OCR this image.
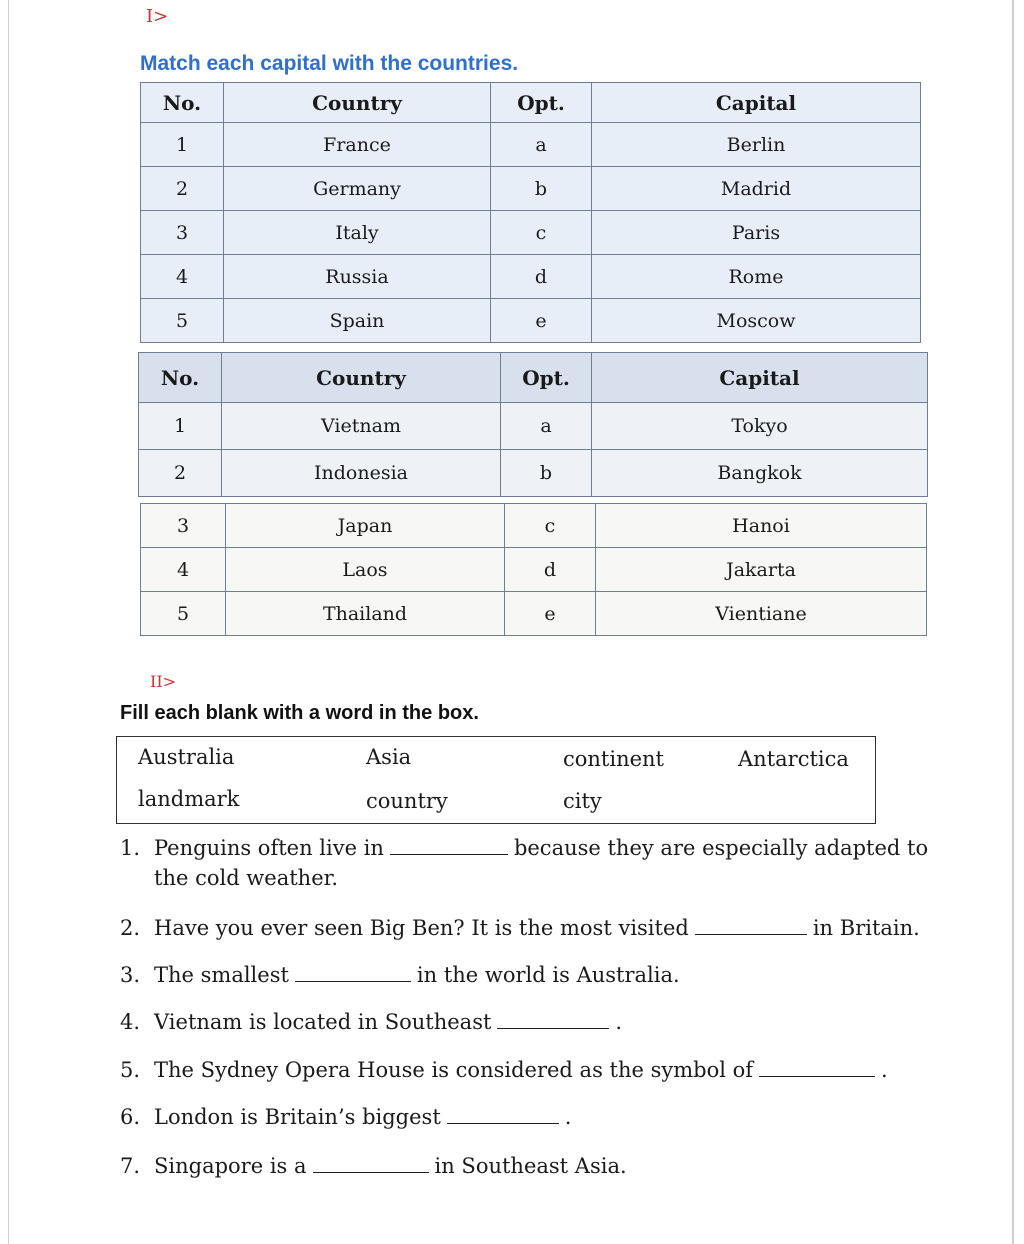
I>
Match each capital with the countries.
No.	Country	Opt.	Capital
1	France	a	Berlin
2	Germany	b	Madrid
3	Italy	c	Paris
4	Russia	d	Rome
5	Spain	e	Moscow
No.	Country	Opt.	Capital
1	Vietnam	a	Tokyo
2	Indonesia	b	Bangkok
3	Japan	c	Hanoi
4	Laos	d	Jakarta
5	Thailand	e	Vientiane
II>
Fill each blank with a word in the box.
Australia	Asia	continent	Antarctica
landmark	country	city
1. Penguins often live in	because they are especially adapted to
the cold weather.
2. Have you ever seen Big Ben? It is the most visited	in Britain.
3. The smallest	in the world is Australia.
4. Vietnam is located in Southeast	.
5. The Sydney Opera House is considered as the symbol of	.
6. London is Britain’s biggest	.
7. Singapore is a	in Southeast Asia.
